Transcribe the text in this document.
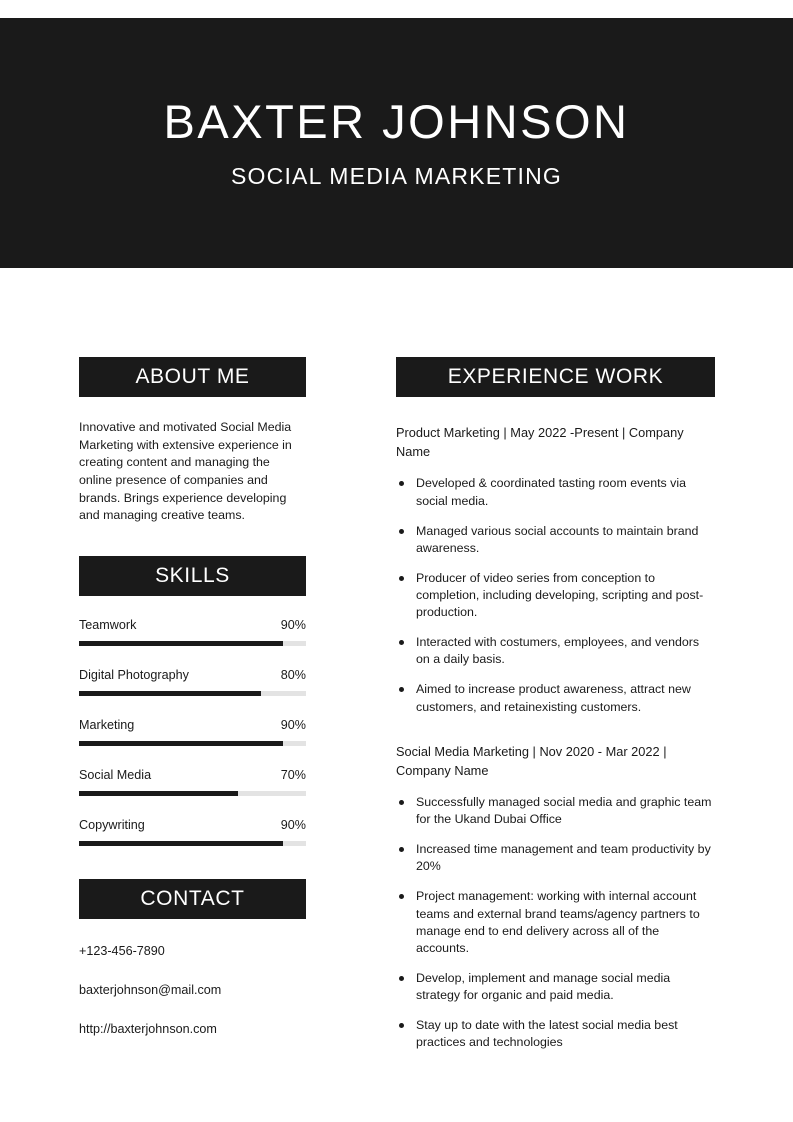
BAXTER JOHNSON
SOCIAL MEDIA MARKETING
ABOUT ME
Innovative and motivated Social Media Marketing with extensive experience in creating content and managing the online presence of companies and brands. Brings experience developing and managing creative teams.
SKILLS
Teamwork	90%
Digital Photography	80%
Marketing	90%
Social Media	70%
Copywriting	90%
CONTACT
+123-456-7890
baxterjohnson@mail.com
http://baxterjohnson.com
EXPERIENCE WORK
Product Marketing | May 2022 -Present | Company Name
Developed & coordinated tasting room events via social media.
Managed various social accounts to maintain brand awareness.
Producer of video series from conception to completion, including developing, scripting and post-production.
Interacted with costumers, employees, and vendors on a daily basis.
Aimed to increase product awareness, attract new customers, and retainexisting customers.
Social Media Marketing | Nov 2020 - Mar 2022 | Company Name
Successfully managed social media and graphic team for the Ukand Dubai Office
Increased time management and team productivity by 20%
Project management: working with internal account teams and external brand teams/agency partners to manage end to end delivery across all of the accounts.
Develop, implement and manage social media strategy for organic and paid media.
Stay up to date with the latest social media best practices and technologies
